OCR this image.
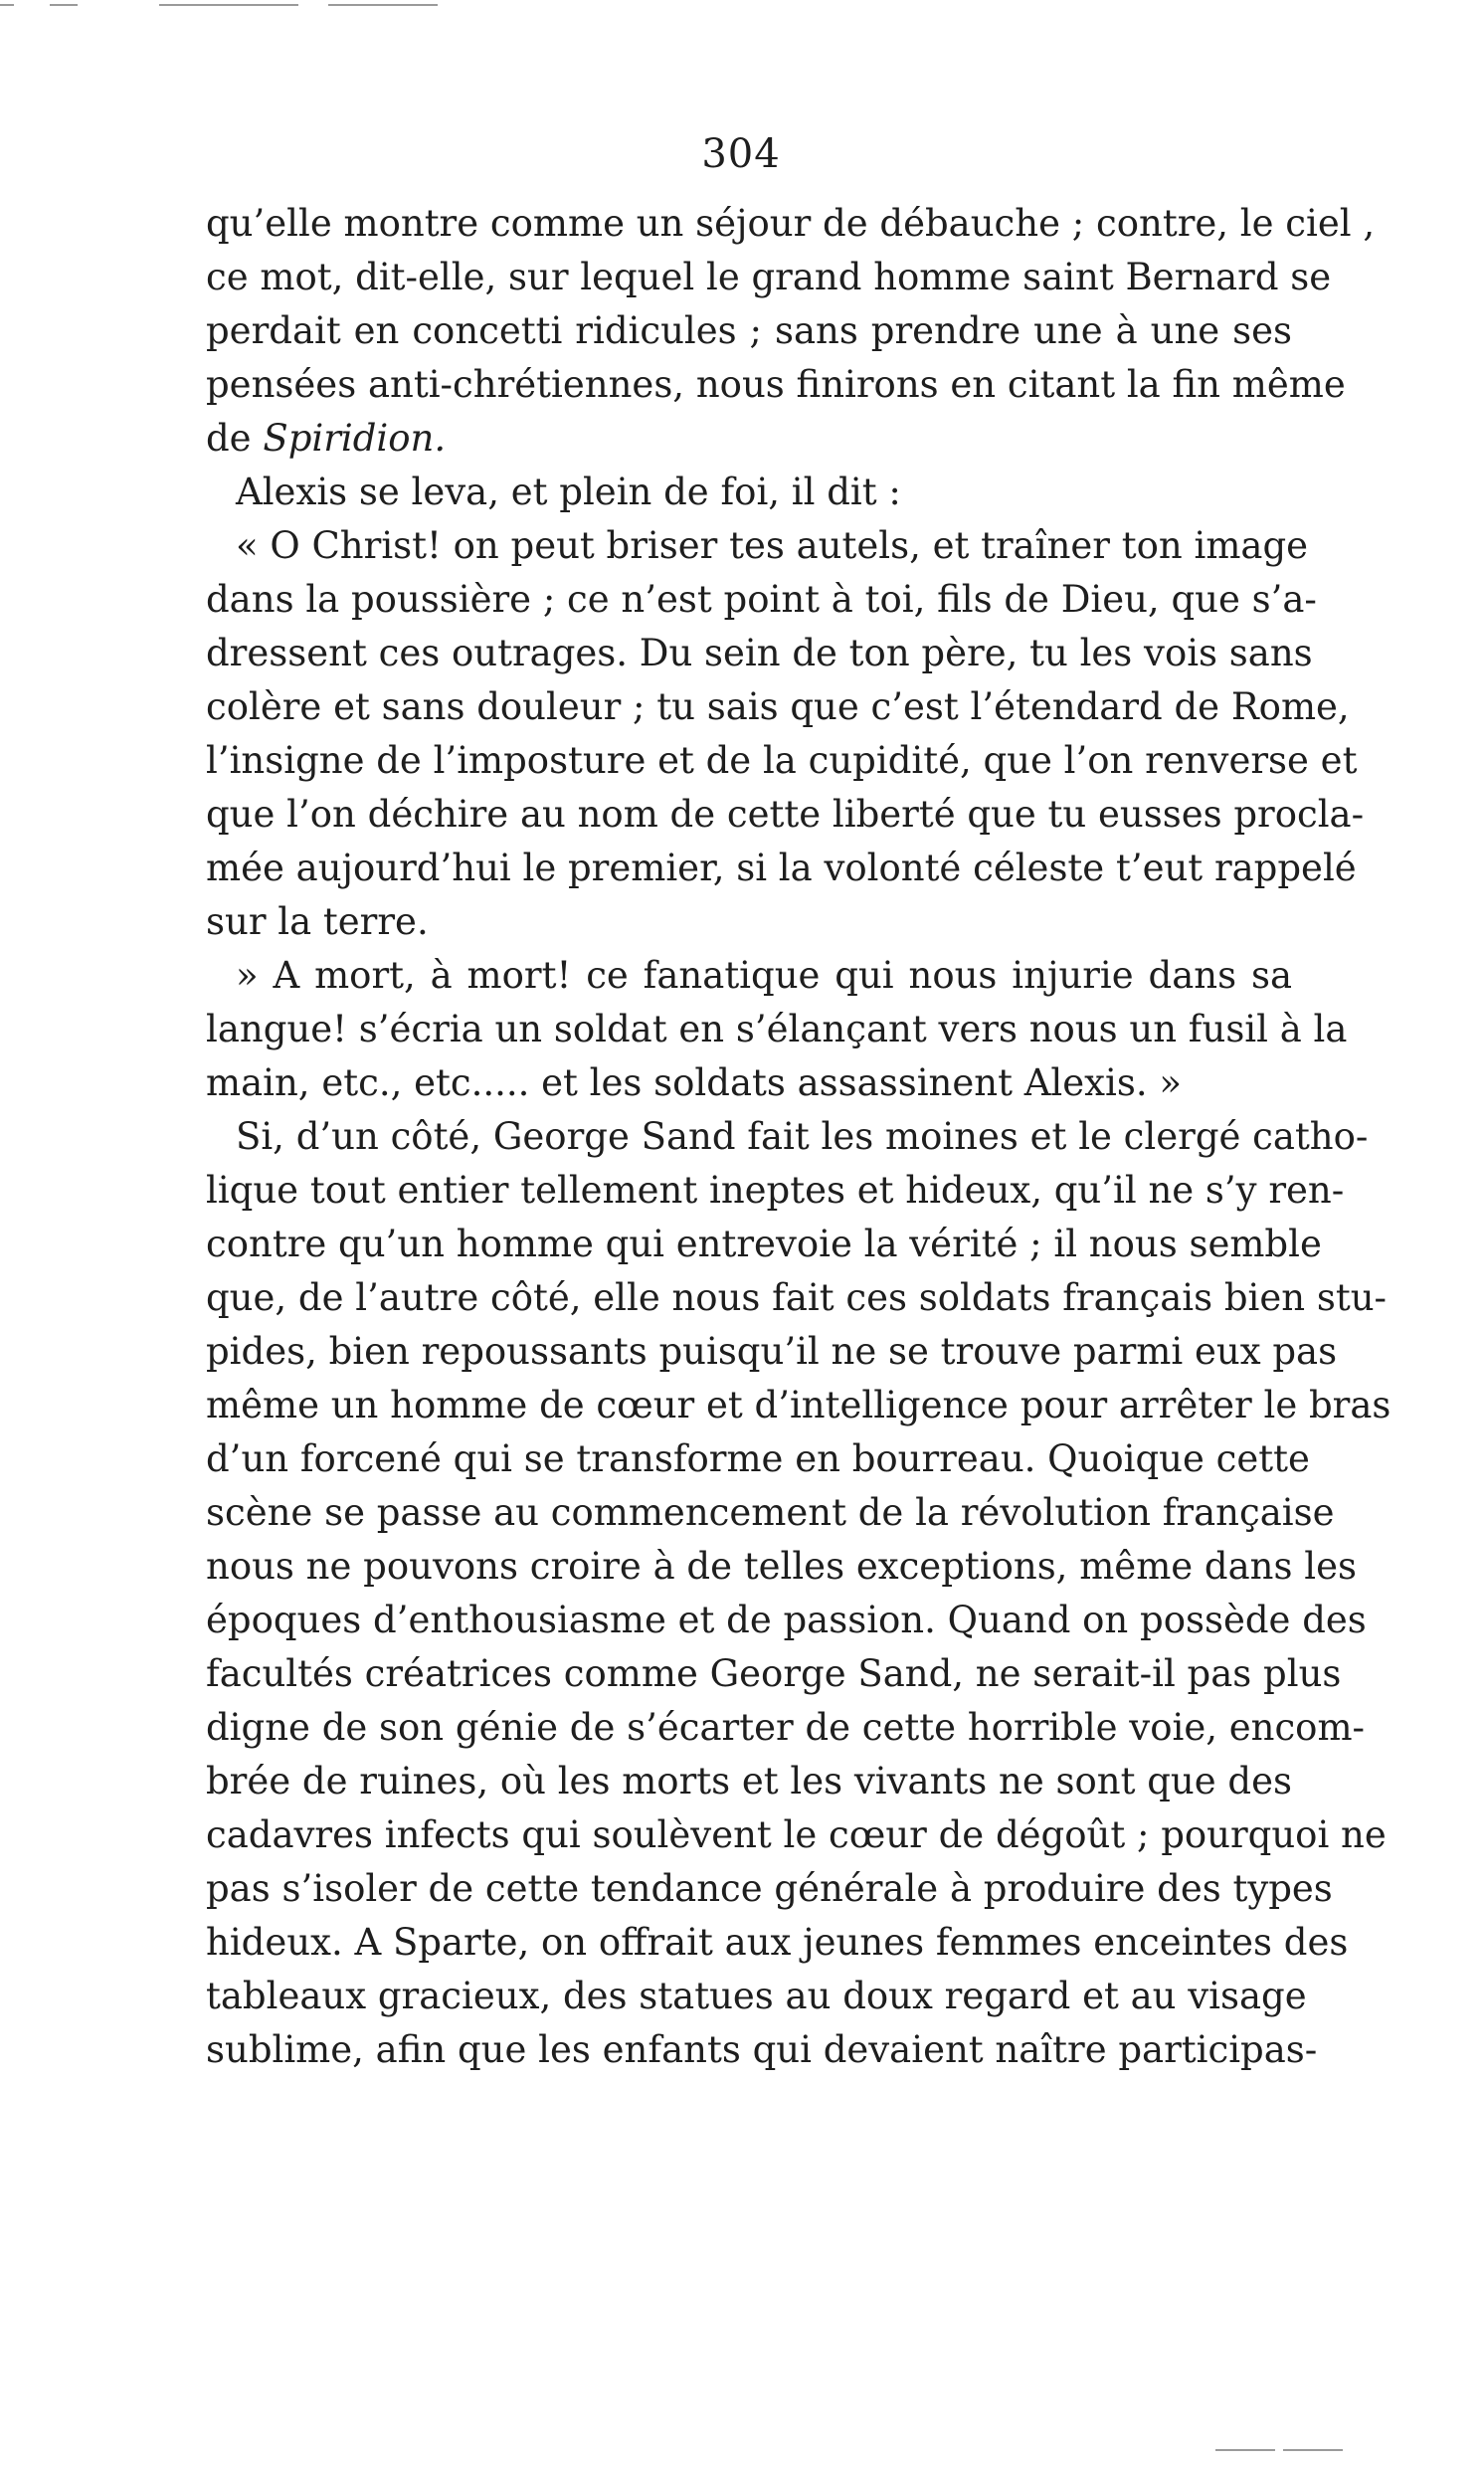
304
qu’elle montre comme un séjour de débauche ; contre, le ciel ,
ce mot, dit-elle, sur lequel le grand homme saint Bernard se
perdait en concetti ridicules ; sans prendre une à une ses
pensées anti-chrétiennes, nous finirons en citant la fin même
de Spiridion.
Alexis se leva, et plein de foi, il dit :
« O Christ! on peut briser tes autels, et traîner ton image
dans la poussière ; ce n’est point à toi, fils de Dieu, que s’a-
dressent ces outrages. Du sein de ton père, tu les vois sans
colère et sans douleur ; tu sais que c’est l’étendard de Rome,
l’insigne de l’imposture et de la cupidité, que l’on renverse et
que l’on déchire au nom de cette liberté que tu eusses procla-
mée aujourd’hui le premier, si la volonté céleste t’eut rappelé
sur la terre.
» A mort, à mort! ce fanatique qui nous injurie dans sa
langue! s’écria un soldat en s’élançant vers nous un fusil à la
main, etc., etc..... et les soldats assassinent Alexis. »
Si, d’un côté, George Sand fait les moines et le clergé catho-
lique tout entier tellement ineptes et hideux, qu’il ne s’y ren-
contre qu’un homme qui entrevoie la vérité ; il nous semble
que, de l’autre côté, elle nous fait ces soldats français bien stu-
pides, bien repoussants puisqu’il ne se trouve parmi eux pas
même un homme de cœur et d’intelligence pour arrêter le bras
d’un forcené qui se transforme en bourreau. Quoique cette
scène se passe au commencement de la révolution française
nous ne pouvons croire à de telles exceptions, même dans les
époques d’enthousiasme et de passion. Quand on possède des
facultés créatrices comme George Sand, ne serait-il pas plus
digne de son génie de s’écarter de cette horrible voie, encom-
brée de ruines, où les morts et les vivants ne sont que des
cadavres infects qui soulèvent le cœur de dégoût ; pourquoi ne
pas s’isoler de cette tendance générale à produire des types
hideux. A Sparte, on offrait aux jeunes femmes enceintes des
tableaux gracieux, des statues au doux regard et au visage
sublime, afin que les enfants qui devaient naître participas-
